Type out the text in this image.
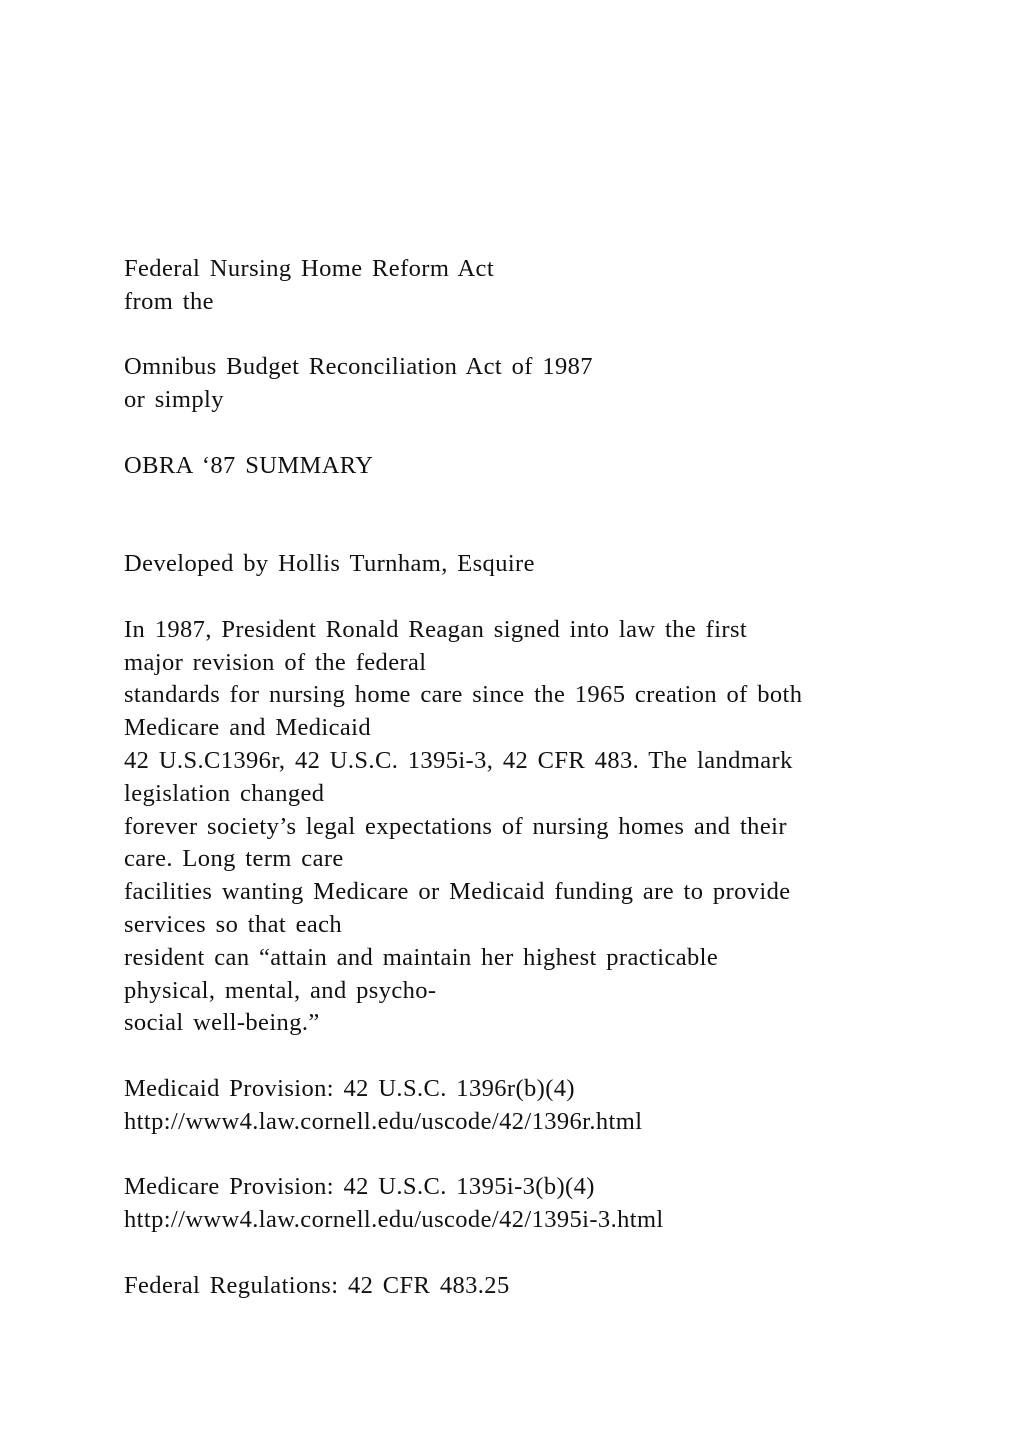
Federal Nursing Home Reform Act
from the
Omnibus Budget Reconciliation Act of 1987
or simply
OBRA ‘87 SUMMARY
Developed by Hollis Turnham, Esquire
In 1987, President Ronald Reagan signed into law the first
major revision of the federal
standards for nursing home care since the 1965 creation of both
Medicare and Medicaid
42 U.S.C1396r, 42 U.S.C. 1395i-3, 42 CFR 483. The landmark
legislation changed
forever society’s legal expectations of nursing homes and their
care. Long term care
facilities wanting Medicare or Medicaid funding are to provide
services so that each
resident can “attain and maintain her highest practicable
physical, mental, and psycho-
social well-being.”
Medicaid Provision: 42 U.S.C. 1396r(b)(4)
http://www4.law.cornell.edu/uscode/42/1396r.html
Medicare Provision: 42 U.S.C. 1395i-3(b)(4)
http://www4.law.cornell.edu/uscode/42/1395i-3.html
Federal Regulations: 42 CFR 483.25
